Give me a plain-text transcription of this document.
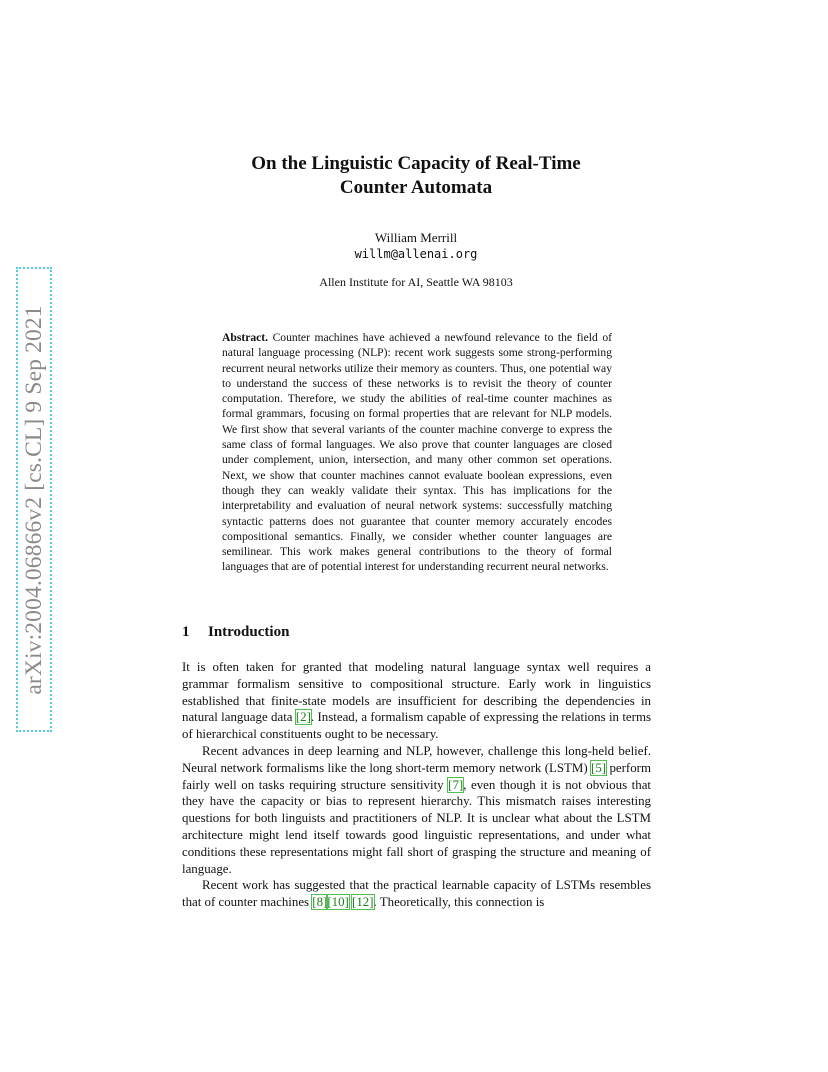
arXiv:2004.06866v2 [cs.CL] 9 Sep 2021
On the Linguistic Capacity of Real-Time
Counter Automata
William Merrill
willm@allenai.org
Allen Institute for AI, Seattle WA 98103
Abstract. Counter machines have achieved a newfound relevance to the field of natural language processing (NLP): recent work suggests some strong-performing recurrent neural networks utilize their memory as counters. Thus, one potential way to understand the success of these networks is to revisit the theory of counter computation. Therefore, we study the abilities of real-time counter machines as formal grammars, focusing on formal properties that are relevant for NLP models. We first show that several variants of the counter machine converge to express the same class of formal languages. We also prove that counter languages are closed under complement, union, intersection, and many other common set operations. Next, we show that counter machines cannot evaluate boolean expressions, even though they can weakly validate their syntax. This has implications for the interpretability and evaluation of neural network systems: successfully matching syntactic patterns does not guarantee that counter memory accurately encodes compositional semantics. Finally, we consider whether counter languages are semilinear. This work makes general contributions to the theory of formal languages that are of potential interest for understanding recurrent neural networks.
1 Introduction

It is often taken for granted that modeling natural language syntax well requires a grammar formalism sensitive to compositional structure. Early work in linguistics established that finite-state models are insufficient for describing the dependencies in natural language data [2]. Instead, a formalism capable of expressing the relations in terms of hierarchical constituents ought to be necessary.

Recent advances in deep learning and NLP, however, challenge this long-held belief. Neural network formalisms like the long short-term memory network (LSTM) [5] perform fairly well on tasks requiring structure sensitivity [7], even though it is not obvious that they have the capacity or bias to represent hierarchy. This mismatch raises interesting questions for both linguists and practitioners of NLP. It is unclear what about the LSTM architecture might lend itself towards good linguistic representations, and under what conditions these representations might fall short of grasping the structure and meaning of language.

Recent work has suggested that the practical learnable capacity of LSTMs resembles that of counter machines [8][10] [12]. Theoretically, this connection is
